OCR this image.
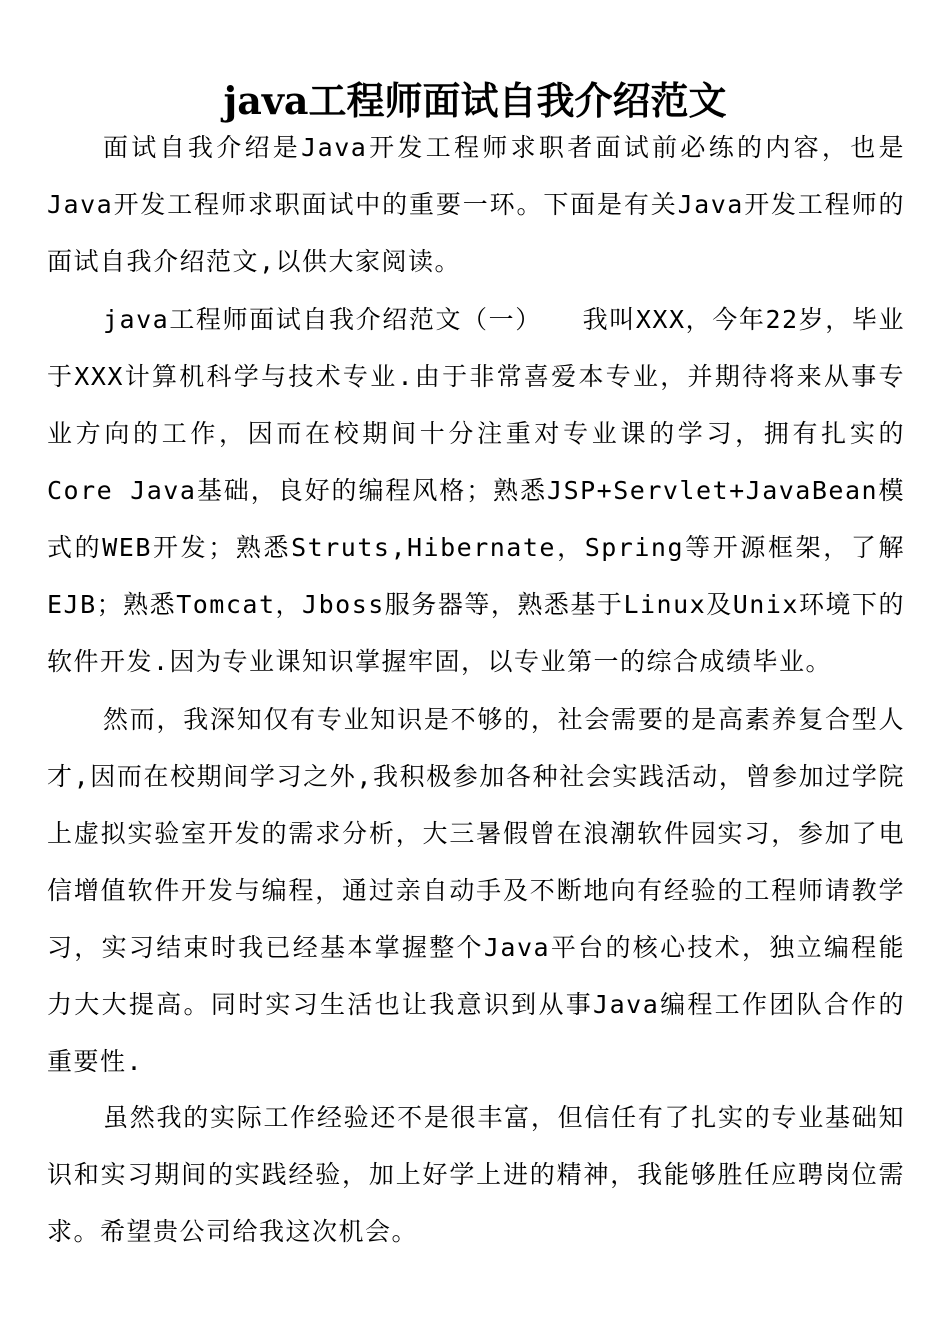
java工程师面试自我介绍范文

面试自我介绍是Java开发工程师求职者面试前必练的内容，也是Java开发工程师求职面试中的重要一环。下面是有关Java开发工程师的面试自我介绍范文,以供大家阅读。

java工程师面试自我介绍范文（一）　　我叫XXX，今年22岁，毕业于XXX计算机科学与技术专业.由于非常喜爱本专业，并期待将来从事专业方向的工作，因而在校期间十分注重对专业课的学习，拥有扎实的Core Java基础，良好的编程风格；熟悉JSP+Servlet+JavaBean模式的WEB开发；熟悉Struts,Hibernate，Spring等开源框架，了解EJB；熟悉Tomcat，Jboss服务器等，熟悉基于Linux及Unix环境下的软件开发.因为专业课知识掌握牢固，以专业第一的综合成绩毕业。

然而，我深知仅有专业知识是不够的，社会需要的是高素养复合型人才,因而在校期间学习之外,我积极参加各种社会实践活动，曾参加过学院上虚拟实验室开发的需求分析，大三暑假曾在浪潮软件园实习，参加了电信增值软件开发与编程，通过亲自动手及不断地向有经验的工程师请教学习，实习结束时我已经基本掌握整个Java平台的核心技术，独立编程能力大大提高。同时实习生活也让我意识到从事Java编程工作团队合作的重要性.

虽然我的实际工作经验还不是很丰富，但信任有了扎实的专业基础知识和实习期间的实践经验，加上好学上进的精神，我能够胜任应聘岗位需求。希望贵公司给我这次机会。
